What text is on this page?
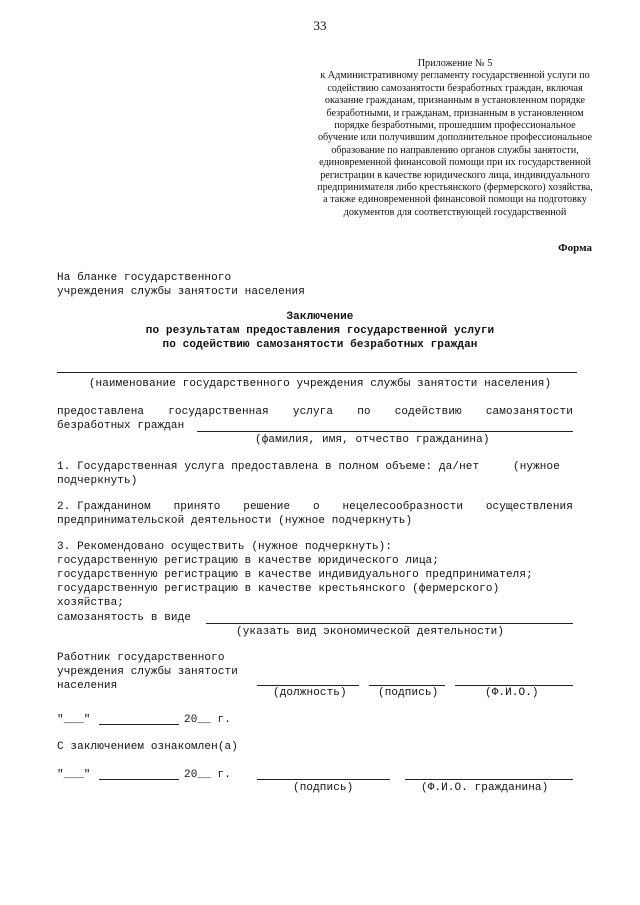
33
Приложение № 5
к Административному регламенту государственной услуги по
содействию самозанятости безработных граждан, включая
оказание гражданам, признанным в установленном порядке
безработными, и гражданам, признанным в установленном
порядке безработными, прошедшим профессиональное
обучение или получившим дополнительное профессиональное
образование по направлению органов службы занятости,
единовременной финансовой помощи при их государственной
регистрации в качестве юридического лица, индивидуального
предпринимателя либо крестьянского (фермерского) хозяйства,
а также единовременной финансовой помощи на подготовку
документов для соответствующей государственной
Форма
На бланке государственного
учреждения службы занятости населения
Заключение
по результатам предоставления государственной услуги
по содействию самозанятости безработных граждан
(наименование государственного учреждения службы занятости населения)
предоставлена государственная услуга по содействию самозанятости
безработных граждан
(фамилия, имя, отчество гражданина)
1. Государственная услуга предоставлена в полном объеме: да/нет	(нужное
подчеркнуть)
2. Гражданином принято решение о нецелесообразности осуществления
предпринимательской деятельности (нужное подчеркнуть)
3. Рекомендовано осуществить (нужное подчеркнуть):
государственную регистрацию в качестве юридического лица;
государственную регистрацию в качестве индивидуального предпринимателя;
государственную регистрацию в качестве крестьянского (фермерского)
хозяйства;
самозанятость в виде
(указать вид экономической деятельности)
Работник государственного
учреждения службы занятости
населения
(должность)	(подпись)	(Ф.И.О.)
"___"	20__ г.
С заключением ознакомлен(а)
"___"	20__ г.
(подпись)	(Ф.И.О. гражданина)
